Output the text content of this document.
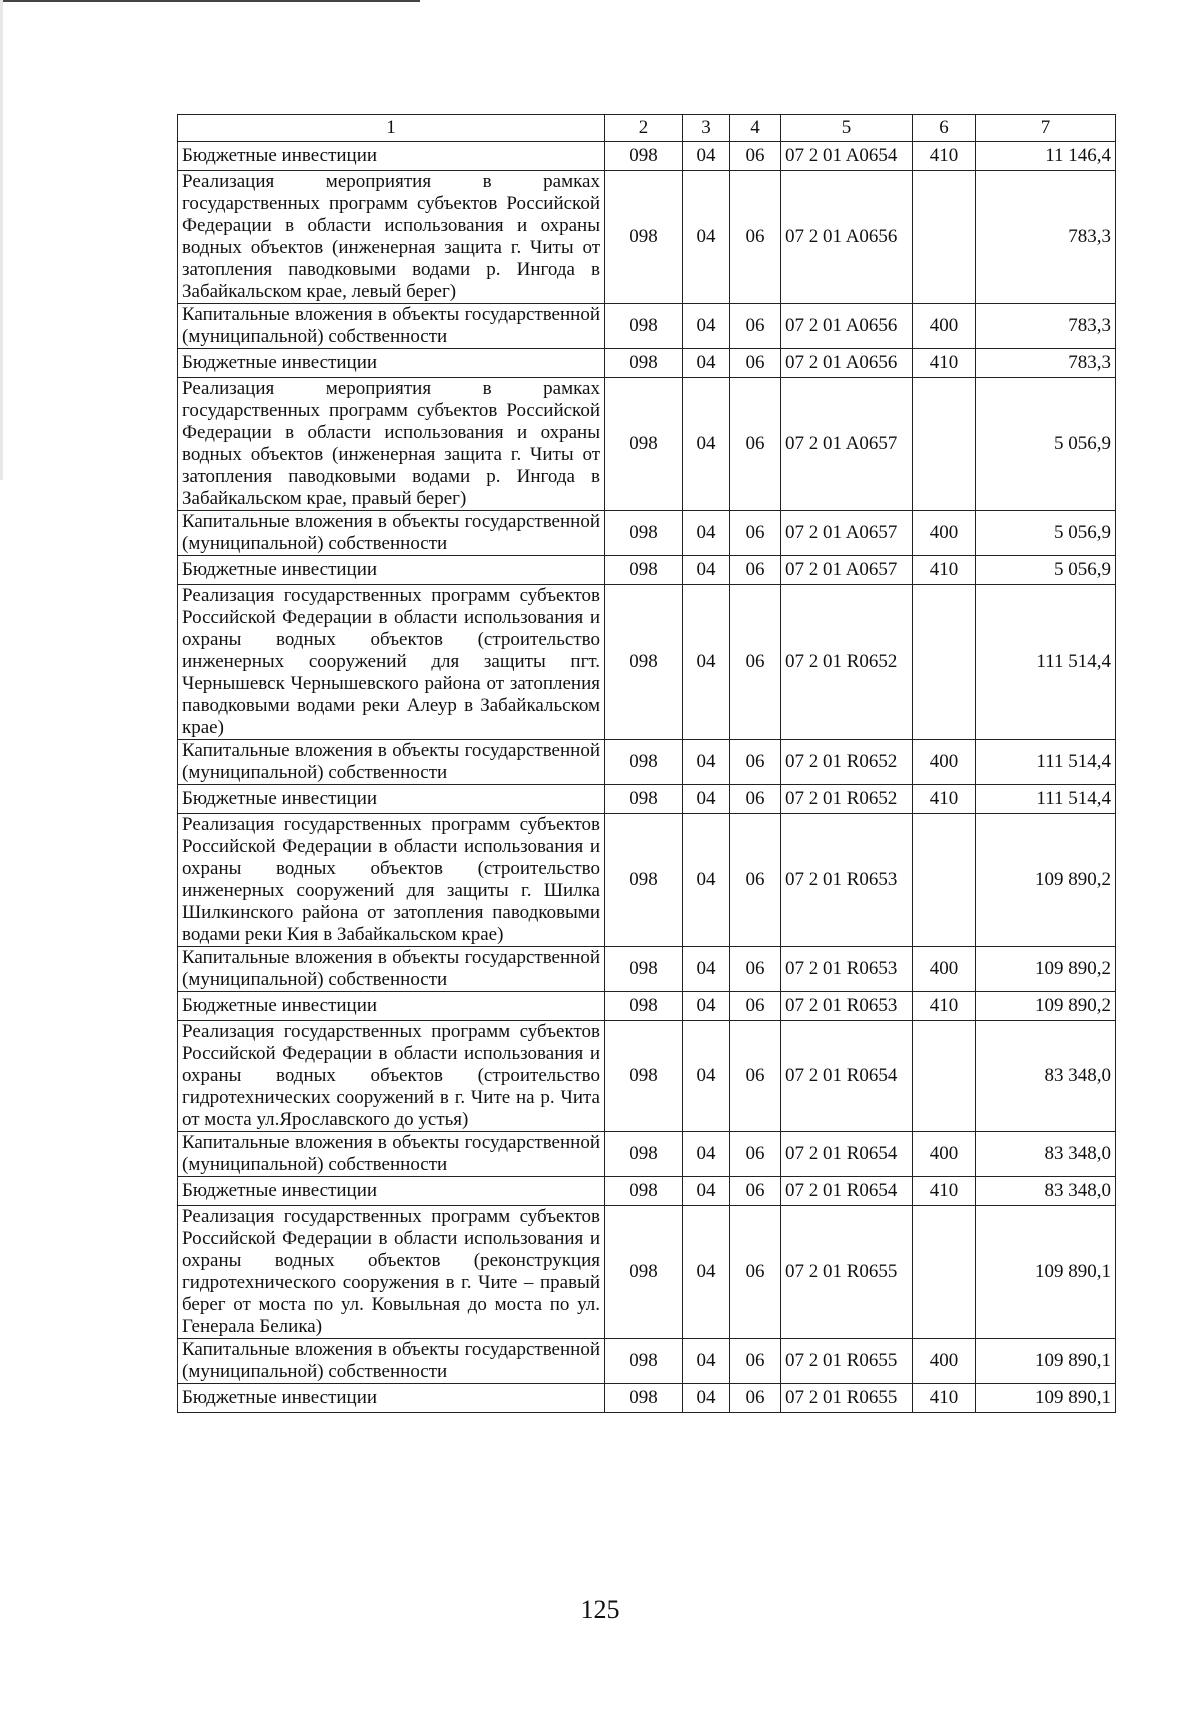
1	2	3	4	5	6	7
Бюджетные инвестиции	098	04	06	07 2 01 A0654	410	11 146,4
Реализация мероприятия в рамках государственных программ субъектов Российской Федерации в области использования и охраны водных объектов (инженерная защита г. Читы от затопления паводковыми водами р. Ингода в Забайкальском крае, левый берег)	098	04	06	07 2 01 A0656		783,3
Капитальные вложения в объекты государственной (муниципальной) собственности	098	04	06	07 2 01 A0656	400	783,3
Бюджетные инвестиции	098	04	06	07 2 01 A0656	410	783,3
Реализация мероприятия в рамках государственных программ субъектов Российской Федерации в области использования и охраны водных объектов (инженерная защита г. Читы от затопления паводковыми водами р. Ингода в Забайкальском крае, правый берег)	098	04	06	07 2 01 A0657		5 056,9
Капитальные вложения в объекты государственной (муниципальной) собственности	098	04	06	07 2 01 A0657	400	5 056,9
Бюджетные инвестиции	098	04	06	07 2 01 A0657	410	5 056,9
Реализация государственных программ субъектов Российской Федерации в области использования и охраны водных объектов (строительство инженерных сооружений для защиты пгт. Чернышевск Чернышевского района от затопления паводковыми водами реки Алеур в Забайкальском крае)	098	04	06	07 2 01 R0652		111 514,4
Капитальные вложения в объекты государственной (муниципальной) собственности	098	04	06	07 2 01 R0652	400	111 514,4
Бюджетные инвестиции	098	04	06	07 2 01 R0652	410	111 514,4
Реализация государственных программ субъектов Российской Федерации в области использования и охраны водных объектов (строительство инженерных сооружений для защиты г. Шилка Шилкинского района от затопления паводковыми водами реки Кия в Забайкальском крае)	098	04	06	07 2 01 R0653		109 890,2
Капитальные вложения в объекты государственной (муниципальной) собственности	098	04	06	07 2 01 R0653	400	109 890,2
Бюджетные инвестиции	098	04	06	07 2 01 R0653	410	109 890,2
Реализация государственных программ субъектов Российской Федерации в области использования и охраны водных объектов (строительство гидротехнических сооружений в г. Чите на р. Чита от моста ул.Ярославского до устья)	098	04	06	07 2 01 R0654		83 348,0
Капитальные вложения в объекты государственной (муниципальной) собственности	098	04	06	07 2 01 R0654	400	83 348,0
Бюджетные инвестиции	098	04	06	07 2 01 R0654	410	83 348,0
Реализация государственных программ субъектов Российской Федерации в области использования и охраны водных объектов (реконструкция гидротехнического сооружения в г. Чите – правый берег от моста по ул. Ковыльная до моста по ул. Генерала Белика)	098	04	06	07 2 01 R0655		109 890,1
Капитальные вложения в объекты государственной (муниципальной) собственности	098	04	06	07 2 01 R0655	400	109 890,1
Бюджетные инвестиции	098	04	06	07 2 01 R0655	410	109 890,1
125
